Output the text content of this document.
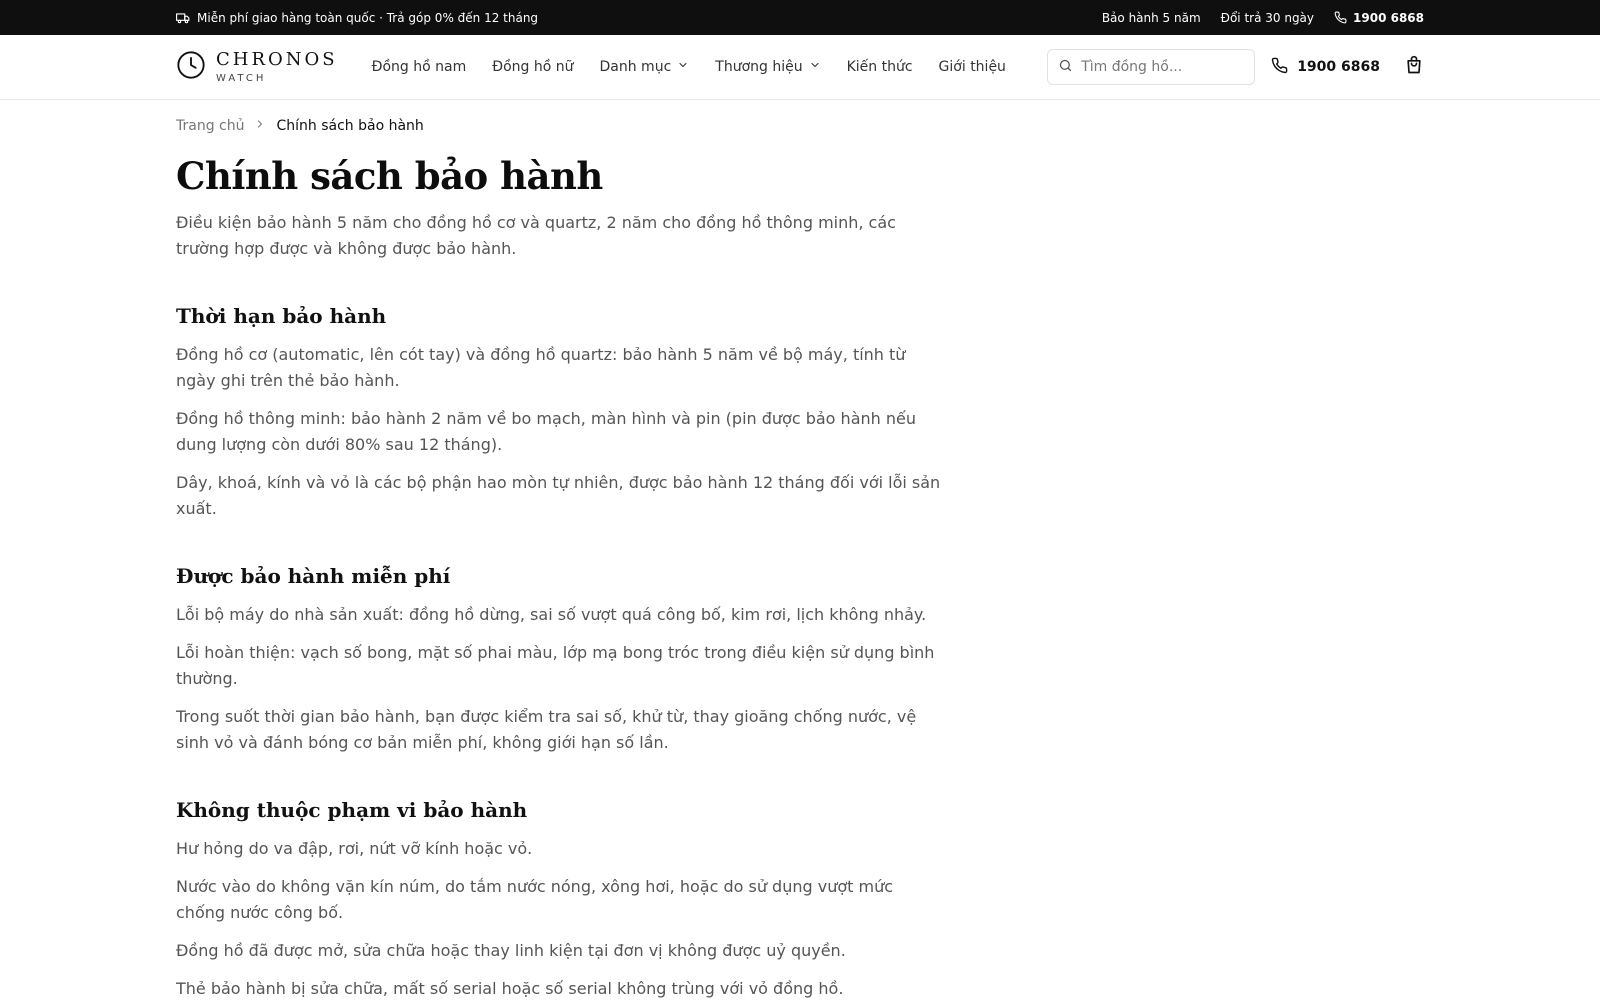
Miễn phí giao hàng toàn quốc · Trả góp 0% đến 12 tháng	Bảo hành 5 năm Đổi trả 30 ngày	1900 6868
CHRONOS
WATCH
Đồng hồ nam Đồng hồ nữ Danh mục	Thương hiệu	Kiến thức Giới thiệu
Tìm đồng hồ...	1900 6868
Trang chủ Chính sách bảo hành
Chính sách bảo hành

Điều kiện bảo hành 5 năm cho đồng hồ cơ và quartz, 2 năm cho đồng hồ thông minh, các trường hợp được và không được bảo hành.

Thời hạn bảo hành

Đồng hồ cơ (automatic, lên cót tay) và đồng hồ quartz: bảo hành 5 năm về bộ máy, tính từ ngày ghi trên thẻ bảo hành.

Đồng hồ thông minh: bảo hành 2 năm về bo mạch, màn hình và pin (pin được bảo hành nếu dung lượng còn dưới 80% sau 12 tháng).

Dây, khoá, kính và vỏ là các bộ phận hao mòn tự nhiên, được bảo hành 12 tháng đối với lỗi sản xuất.

Được bảo hành miễn phí

Lỗi bộ máy do nhà sản xuất: đồng hồ dừng, sai số vượt quá công bố, kim rơi, lịch không nhảy.

Lỗi hoàn thiện: vạch số bong, mặt số phai màu, lớp mạ bong tróc trong điều kiện sử dụng bình thường.

Trong suốt thời gian bảo hành, bạn được kiểm tra sai số, khử từ, thay gioăng chống nước, vệ sinh vỏ và đánh bóng cơ bản miễn phí, không giới hạn số lần.

Không thuộc phạm vi bảo hành

Hư hỏng do va đập, rơi, nứt vỡ kính hoặc vỏ.

Nước vào do không vặn kín núm, do tắm nước nóng, xông hơi, hoặc do sử dụng vượt mức chống nước công bố.

Đồng hồ đã được mở, sửa chữa hoặc thay linh kiện tại đơn vị không được uỷ quyền.

Thẻ bảo hành bị sửa chữa, mất số serial hoặc số serial không trùng với vỏ đồng hồ.
